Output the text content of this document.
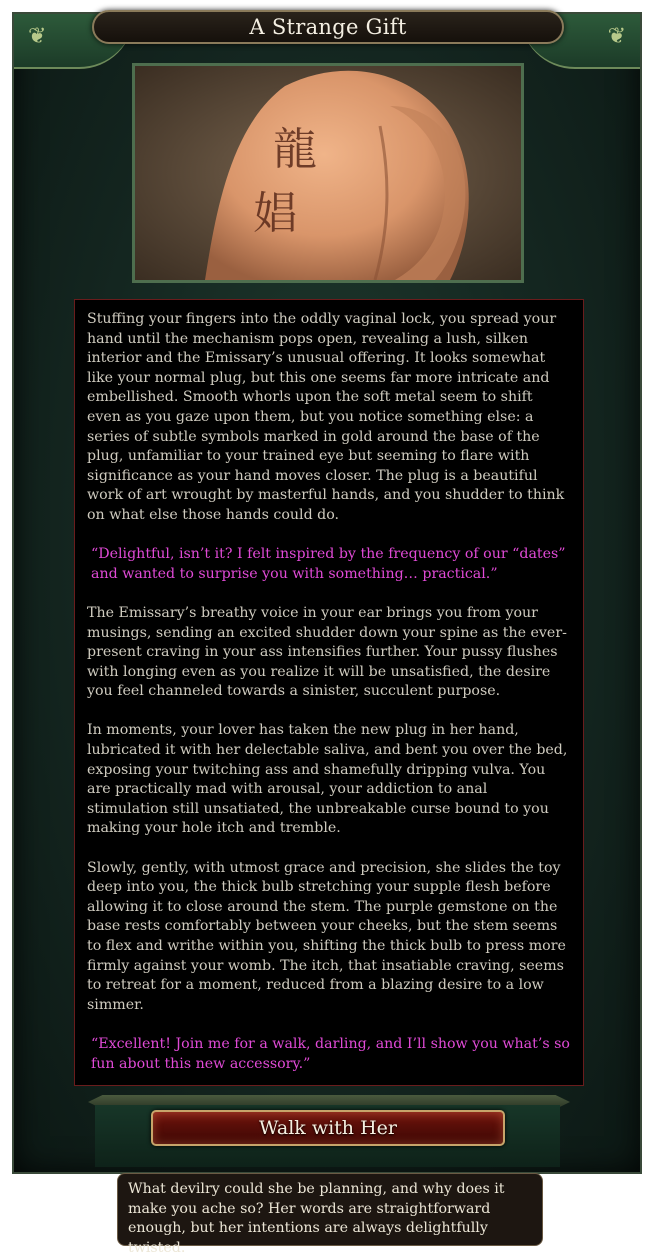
❦	❦
A Strange Gift
龍
娼

Stuffing your fingers into the oddly vaginal lock, you spread your hand until the mechanism pops open, revealing a lush, silken interior and the Emissary’s unusual offering. It looks somewhat like your normal plug, but this one seems far more intricate and embellished. Smooth whorls upon the soft metal seem to shift even as you gaze upon them, but you notice something else: a series of subtle symbols marked in gold around the base of the plug, unfamiliar to your trained eye but seeming to flare with significance as your hand moves closer. The plug is a beautiful work of art wrought by masterful hands, and you shudder to think on what else those hands could do.

“Delightful, isn’t it? I felt inspired by the frequency of our “dates” and wanted to surprise you with something… practical.”

The Emissary’s breathy voice in your ear brings you from your musings, sending an excited shudder down your spine as the ever-present craving in your ass intensifies further. Your pussy flushes with longing even as you realize it will be unsatisfied, the desire you feel channeled towards a sinister, succulent purpose.

In moments, your lover has taken the new plug in her hand, lubricated it with her delectable saliva, and bent you over the bed, exposing your twitching ass and shamefully dripping vulva. You are practically mad with arousal, your addiction to anal stimulation still unsatiated, the unbreakable curse bound to you making your hole itch and tremble.

Slowly, gently, with utmost grace and precision, she slides the toy deep into you, the thick bulb stretching your supple flesh before allowing it to close around the stem. The purple gemstone on the base rests comfortably between your cheeks, but the stem seems to flex and writhe within you, shifting the thick bulb to press more firmly against your womb. The itch, that insatiable craving, seems to retreat for a moment, reduced from a blazing desire to a low simmer.

“Excellent! Join me for a walk, darling, and I’ll show you what’s so fun about this new accessory.”

Walk with Her
What devilry could she be planning, and why does it make you ache so? Her words are straightforward enough, but her intentions are always delightfully twisted.
